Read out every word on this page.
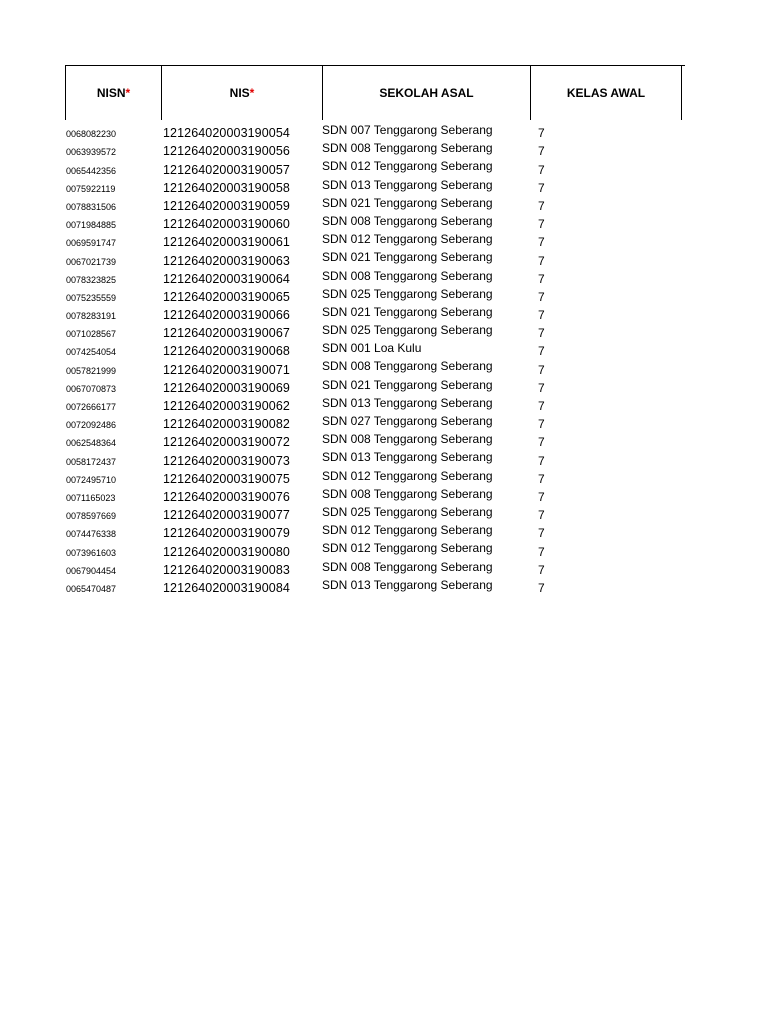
NISN *	NIS *	SEKOLAH ASAL	KELAS AWAL
0068082230	121264020003190054	SDN 007 Tenggarong Seberang	7
0063939572	121264020003190056	SDN 008 Tenggarong Seberang	7
0065442356	121264020003190057	SDN 012 Tenggarong Seberang	7
0075922119	121264020003190058	SDN 013 Tenggarong Seberang	7
0078831506	121264020003190059	SDN 021 Tenggarong Seberang	7
0071984885	121264020003190060	SDN 008 Tenggarong Seberang	7
0069591747	121264020003190061	SDN 012 Tenggarong Seberang	7
0067021739	121264020003190063	SDN 021 Tenggarong Seberang	7
0078323825	121264020003190064	SDN 008 Tenggarong Seberang	7
0075235559	121264020003190065	SDN 025 Tenggarong Seberang	7
0078283191	121264020003190066	SDN 021 Tenggarong Seberang	7
0071028567	121264020003190067	SDN 025 Tenggarong Seberang	7
0074254054	121264020003190068	SDN 001 Loa Kulu	7
0057821999	121264020003190071	SDN 008 Tenggarong Seberang	7
0067070873	121264020003190069	SDN 021 Tenggarong Seberang	7
0072666177	121264020003190062	SDN 013 Tenggarong Seberang	7
0072092486	121264020003190082	SDN 027 Tenggarong Seberang	7
0062548364	121264020003190072	SDN 008 Tenggarong Seberang	7
0058172437	121264020003190073	SDN 013 Tenggarong Seberang	7
0072495710	121264020003190075	SDN 012 Tenggarong Seberang	7
0071165023	121264020003190076	SDN 008 Tenggarong Seberang	7
0078597669	121264020003190077	SDN 025 Tenggarong Seberang	7
0074476338	121264020003190079	SDN 012 Tenggarong Seberang	7
0073961603	121264020003190080	SDN 012 Tenggarong Seberang	7
0067904454	121264020003190083	SDN 008 Tenggarong Seberang	7
0065470487	121264020003190084	SDN 013 Tenggarong Seberang	7
